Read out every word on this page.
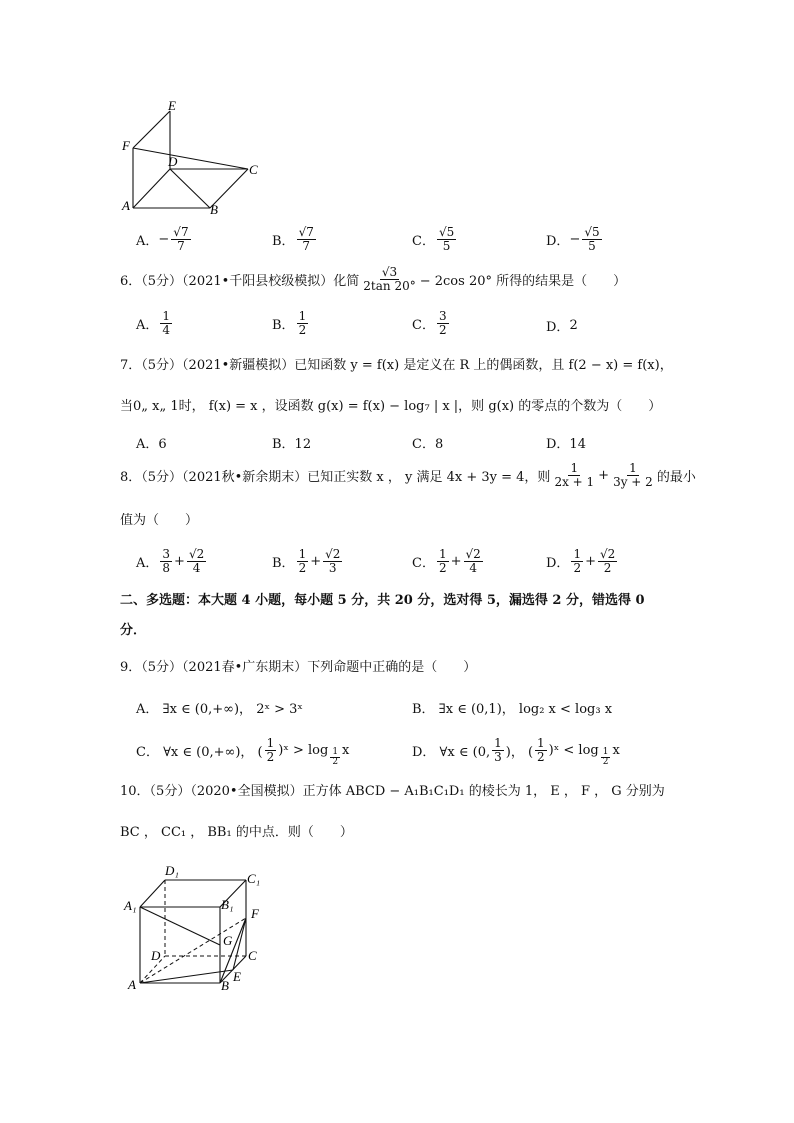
E
F
D
C
A	B
A． − $\frac{√7}{7}$	B． $\frac{√7}{7}$	C． $\frac{√5}{5}$	D． − $\frac{√5}{5}$
6．（5分）（2021•千阳县校级模拟）化简 $\frac{√3}{2\tan 20^\circ} - 2\cos$ 20° 所得的结果是（　　）
A． $\frac{1}{4}$	B． $\frac{1}{2}$	C． $\frac{3}{2}$	D． 2
7．（5分）（2021•新疆模拟）已知函数 y = f(x) 是定义在 R 上的偶函数，且 f(2 − x) = f(x)，
当0„ x„ 1时， f(x) = x ，设函数 g(x) = f(x) − log₇ | x |，则 g(x) 的零点的个数为（　　）
A．6	B．12	C．8	D．14
8．（5分）（2021秋•新余期末）已知正实数 x ， y 满足 4x + 3y = 4，则 $\frac{1}{2x + 1} + \frac{1}{3y + 2}$ 的最小
值为（　　）
A． $\frac{3}{8} + \frac{√2}{4}$	B． $\frac{1}{2} + \frac{√2}{3}$	C． $\frac{1}{2} + \frac{√2}{4}$	D． $\frac{1}{2} + \frac{√2}{2}$
二、多选题：本大题 4 小题，每小题 5 分，共 20 分，选对得 5，漏选得 2 分，错选得 0
分．
9．（5分）（2021春•广东期末）下列命题中正确的是（　　）
A． ∃x ∈ (0,+∞)， 2ˣ > 3ˣ	B． ∃x ∈ (0,1)， log₂ x < log₃ x
C． ∀x ∈ (0,+∞)， ( $\frac{1}{2}$ )ˣ > $\log \frac{1}{2}$ x	D． ∀x ∈ (0, $\frac{1}{3}$ )， ( $\frac{1}{2}$ )ˣ < $\log \frac{1}{2}$ x
10．（5分）（2020•全国模拟）正方体 ABCD − A₁B₁C₁D₁ 的棱长为 1， E ， F ， G 分别为
BC ， CC₁ ， BB₁ 的中点．则（　　）
D₁
C₁
A₁	B₁
F
G
D	C
A	B
E
